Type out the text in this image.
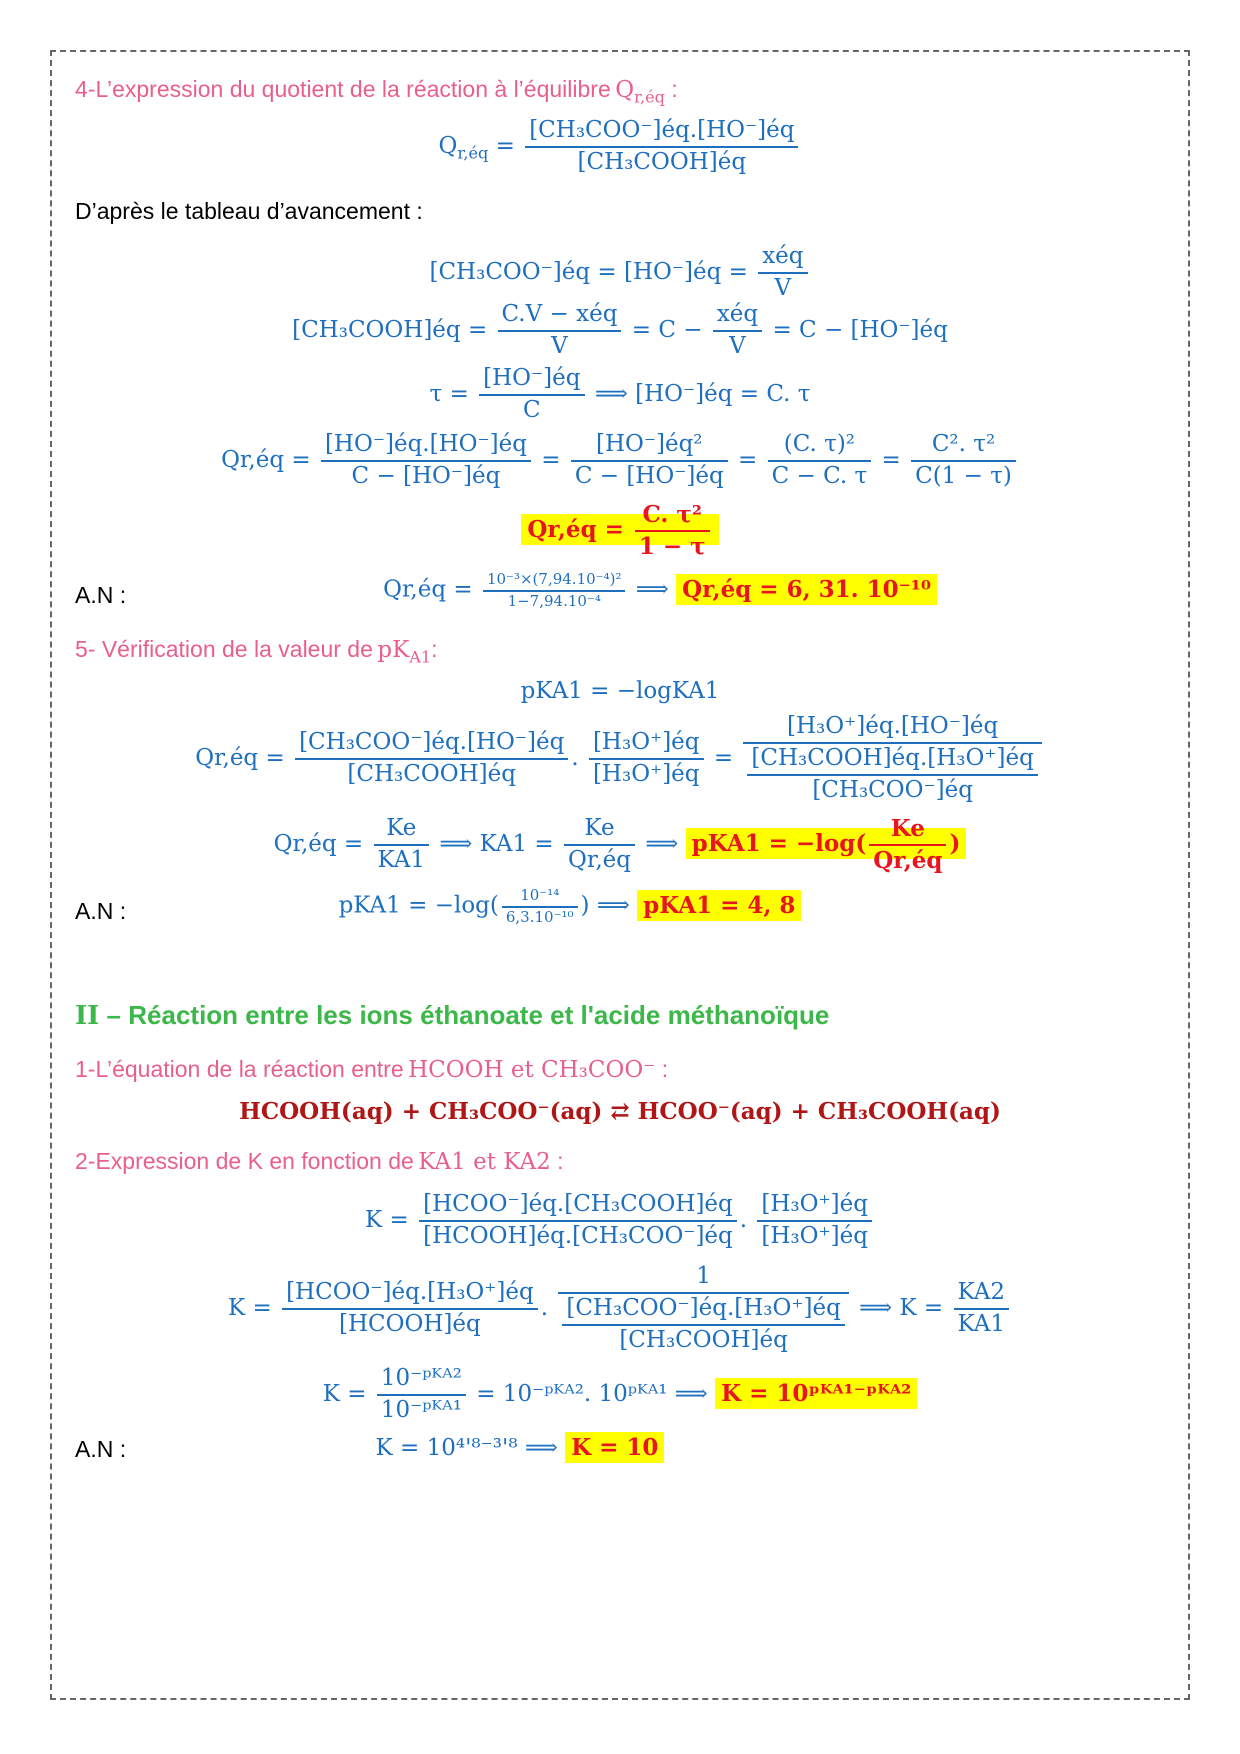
4-L’expression du quotient de la réaction à l’équilibre $Q_{r,éq}$ :
$Q_{r,éq} = \frac{\text{[CH₃COO⁻]éq.[HO⁻]éq}}{\text{[CH₃COOH]éq}}$
D’après le tableau d’avancement :
[CH₃COO⁻]éq = [HO⁻]éq = $\frac{\text{xéq}}{V}$
[CH₃COOH]éq = $\frac{\text{C.V − xéq}}{V} = C - \frac{\text{xéq}}{V} = C$ − [HO⁻]éq
$\tau = \frac{[HO^-]éq}{C}$ ⟹ [HO⁻]éq = C. τ
Qr,éq = $\frac{[HO^-]éq.[HO^-]éq}{C - [HO^-]éq} = \frac{\text{[HO⁻]éq²}}{C - [HO^-]éq} = \frac{\text{(C. τ)²}}{C - C. \tau} = \frac{\text{C². τ²}}{C(1 - \tau)}$
Qr,éq = $\frac{\text{C. τ²}}{1 - \tau}$
A.N :	Qr,éq = $\frac{\text{10⁻³×(7,94.10⁻⁴)²}}{\text{1−7,94.10⁻⁴}}$ ⟹ Qr,éq = 6, 31. 10⁻¹⁰
5- Vérification de la valeur de $pK_{A1}$:
pKA1 = −logKA1
Qr,éq = $\frac{\text{[CH₃COO⁻]éq.[HO⁻]éq}}{\text{[CH₃COOH]éq}}$ . $\frac{\text{[H₃O⁺]éq}}{\text{[H₃O⁺]éq}} = \frac{\text{[H₃O⁺]éq.[HO⁻]éq}}{\frac{\text{[CH₃COOH]éq.[H₃O⁺]éq}}{\text{[CH₃COO⁻]éq}}}$
Qr,éq = $\frac{Ke}{KA1}$ ⟹ $KA1 = \frac{Ke}{Qr,éq}$ ⟹ $pKA1 = -\log( \frac{Ke}{Qr,éq}$ )
A.N :	$pKA1 = -\log( \frac{\text{10⁻¹⁴}}{\text{6,3.10⁻¹⁰}}$ ) ⟹ pKA1 = 4, 8
II – Réaction entre les ions éthanoate et l'acide méthanoïque
1-L’équation de la réaction entre HCOOH et CH₃COO⁻ :
HCOOH(aq) + CH₃COO⁻(aq) ⇄ HCOO⁻(aq) + CH₃COOH(aq)
2-Expression de K en fonction de KA1 et KA2 :
$K = \frac{\text{[HCOO⁻]éq.[CH₃COOH]éq}}{\text{[HCOOH]éq.[CH₃COO⁻]éq}}$ . $\frac{\text{[H₃O⁺]éq}}{\text{[H₃O⁺]éq}}$
$K = \frac{\text{[HCOO⁻]éq.[H₃O⁺]éq}}{\text{[HCOOH]éq}}$ . $\frac{1}{\frac{\text{[CH₃COO⁻]éq.[H₃O⁺]éq}}{\text{[CH₃COOH]éq}}}$ ⟹ $K = \frac{KA2}{KA1}$
$K = \frac{\text{10⁻ᵖᴷᴬ²}}{\text{10⁻ᵖᴷᴬ¹}}$ = 10⁻ᵖᴷᴬ². 10ᵖᴷᴬ¹ ⟹ K = 10ᵖᴷᴬ¹⁻ᵖᴷᴬ²
A.N :	K = 10⁴'⁸⁻³'⁸ ⟹ K = 10
